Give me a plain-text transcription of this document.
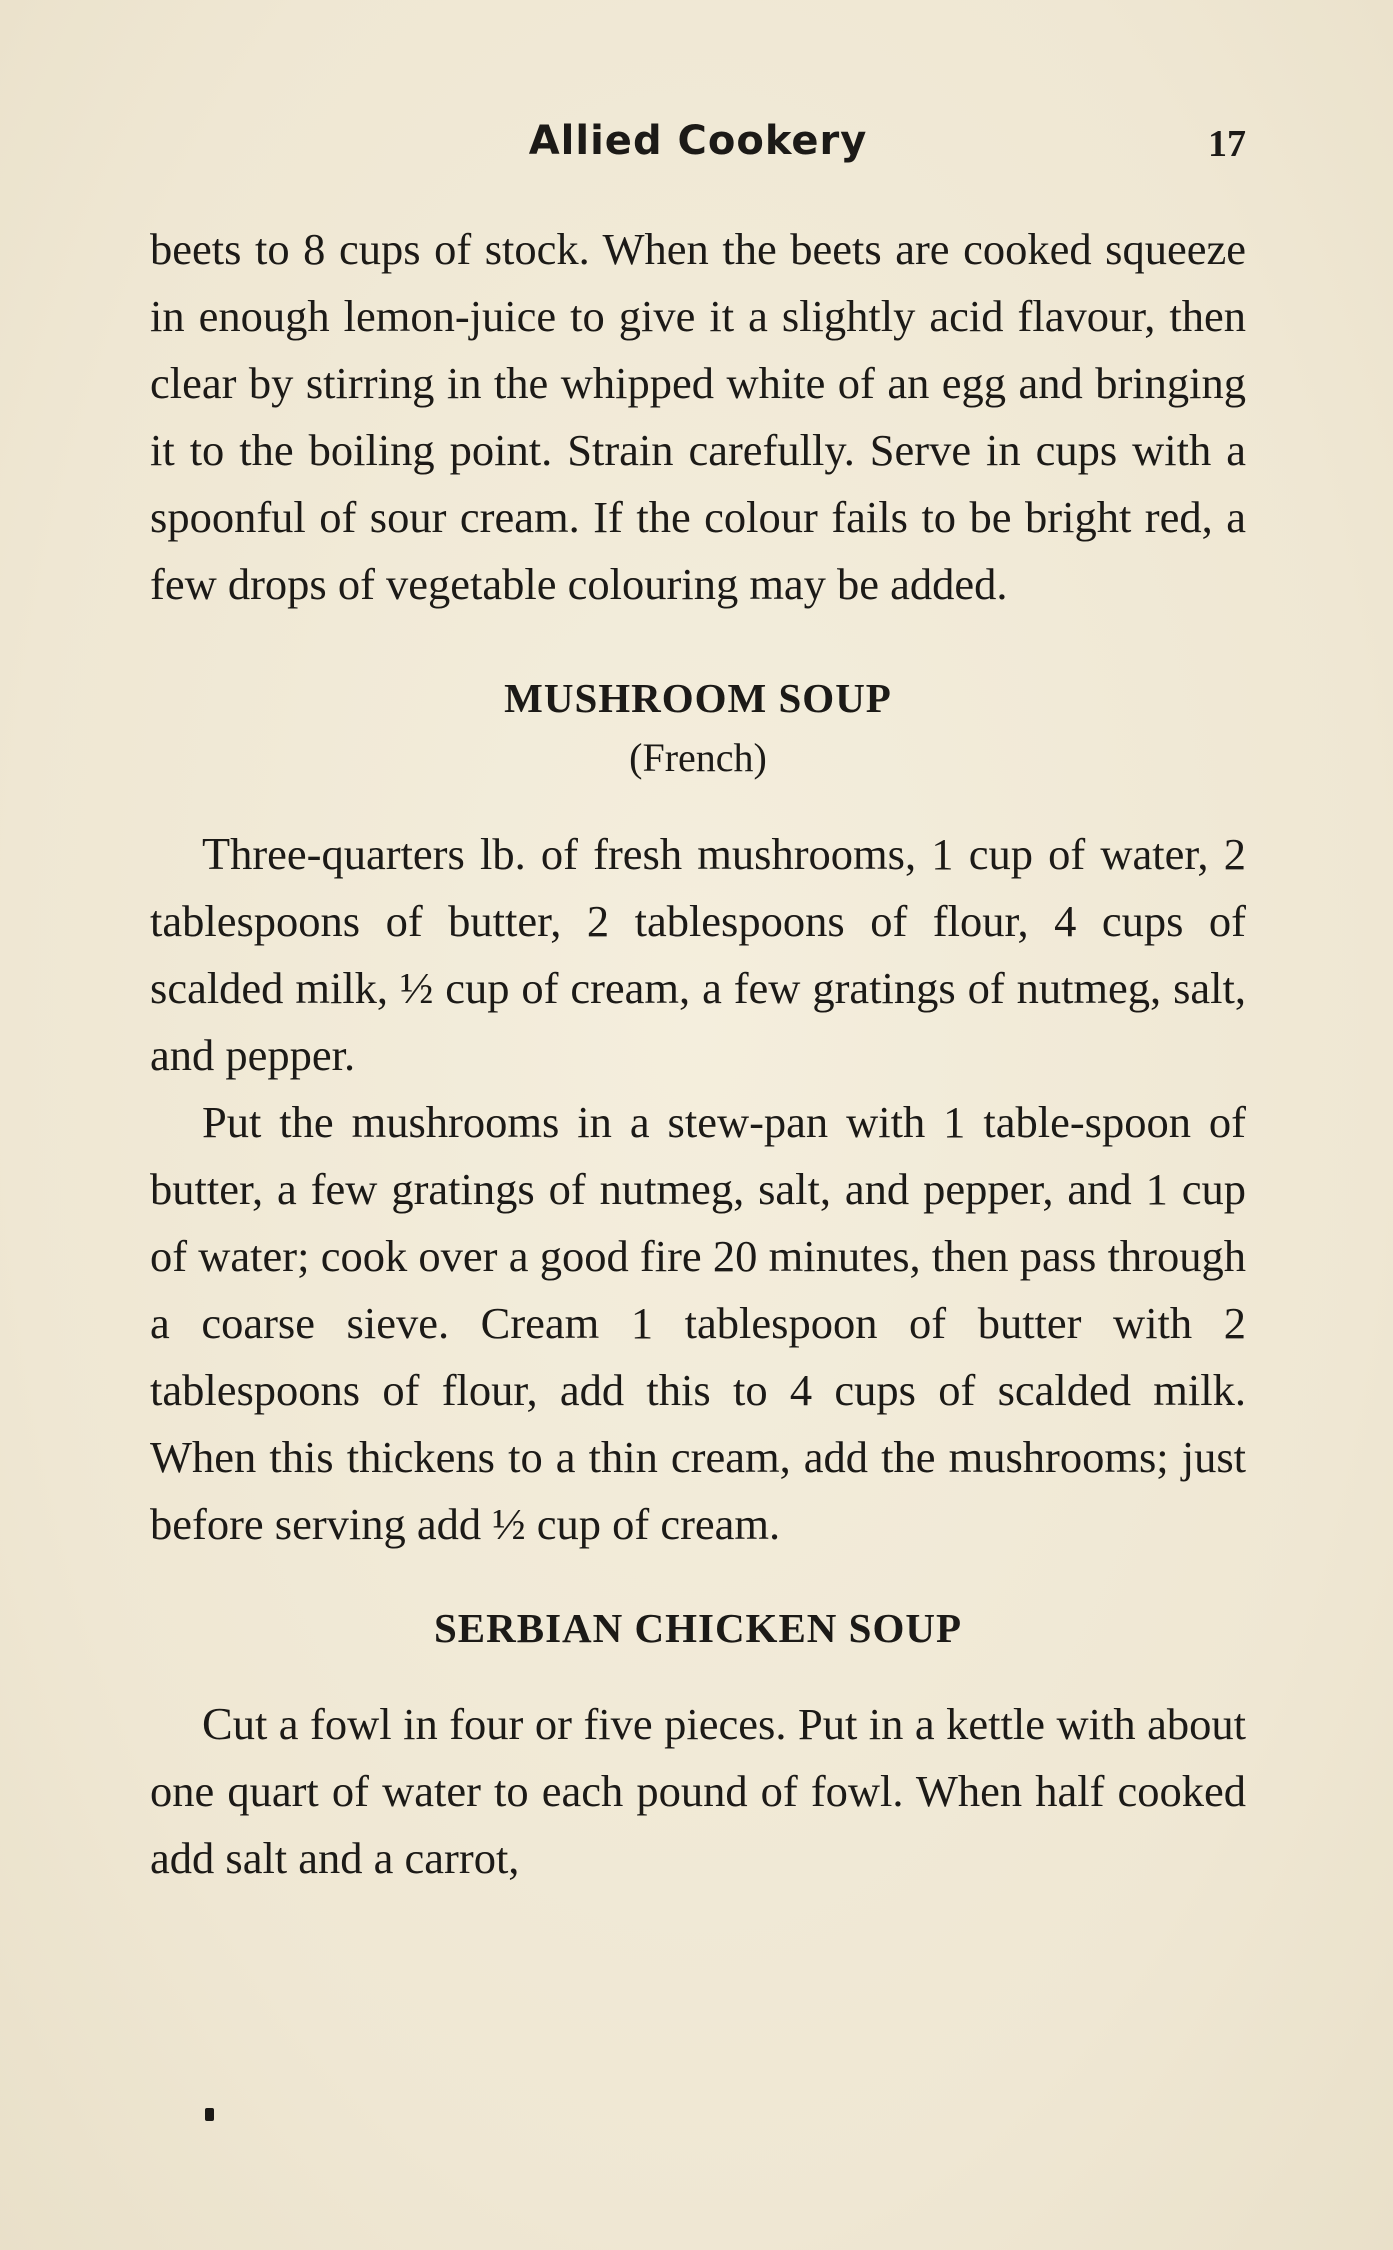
Allied Cookery	17

beets to 8 cups of stock. When the beets are cooked squeeze in enough lemon-juice to give it a slightly acid flavour, then clear by stirring in the whipped white of an egg and bringing it to the boiling point. Strain carefully. Serve in cups with a spoonful of sour cream. If the colour fails to be bright red, a few drops of vegetable colouring may be added.

MUSHROOM SOUP
(French)

Three-quarters lb. of fresh mushrooms, 1 cup of water, 2 tablespoons of butter, 2 tablespoons of flour, 4 cups of scalded milk, ½ cup of cream, a few gratings of nutmeg, salt, and pepper.

Put the mushrooms in a stew-pan with 1 table-spoon of butter, a few gratings of nutmeg, salt, and pepper, and 1 cup of water; cook over a good fire 20 minutes, then pass through a coarse sieve. Cream 1 tablespoon of butter with 2 tablespoons of flour, add this to 4 cups of scalded milk. When this thickens to a thin cream, add the mushrooms; just before serving add ½ cup of cream.

SERBIAN CHICKEN SOUP

Cut a fowl in four or five pieces. Put in a kettle with about one quart of water to each pound of fowl. When half cooked add salt and a carrot,
